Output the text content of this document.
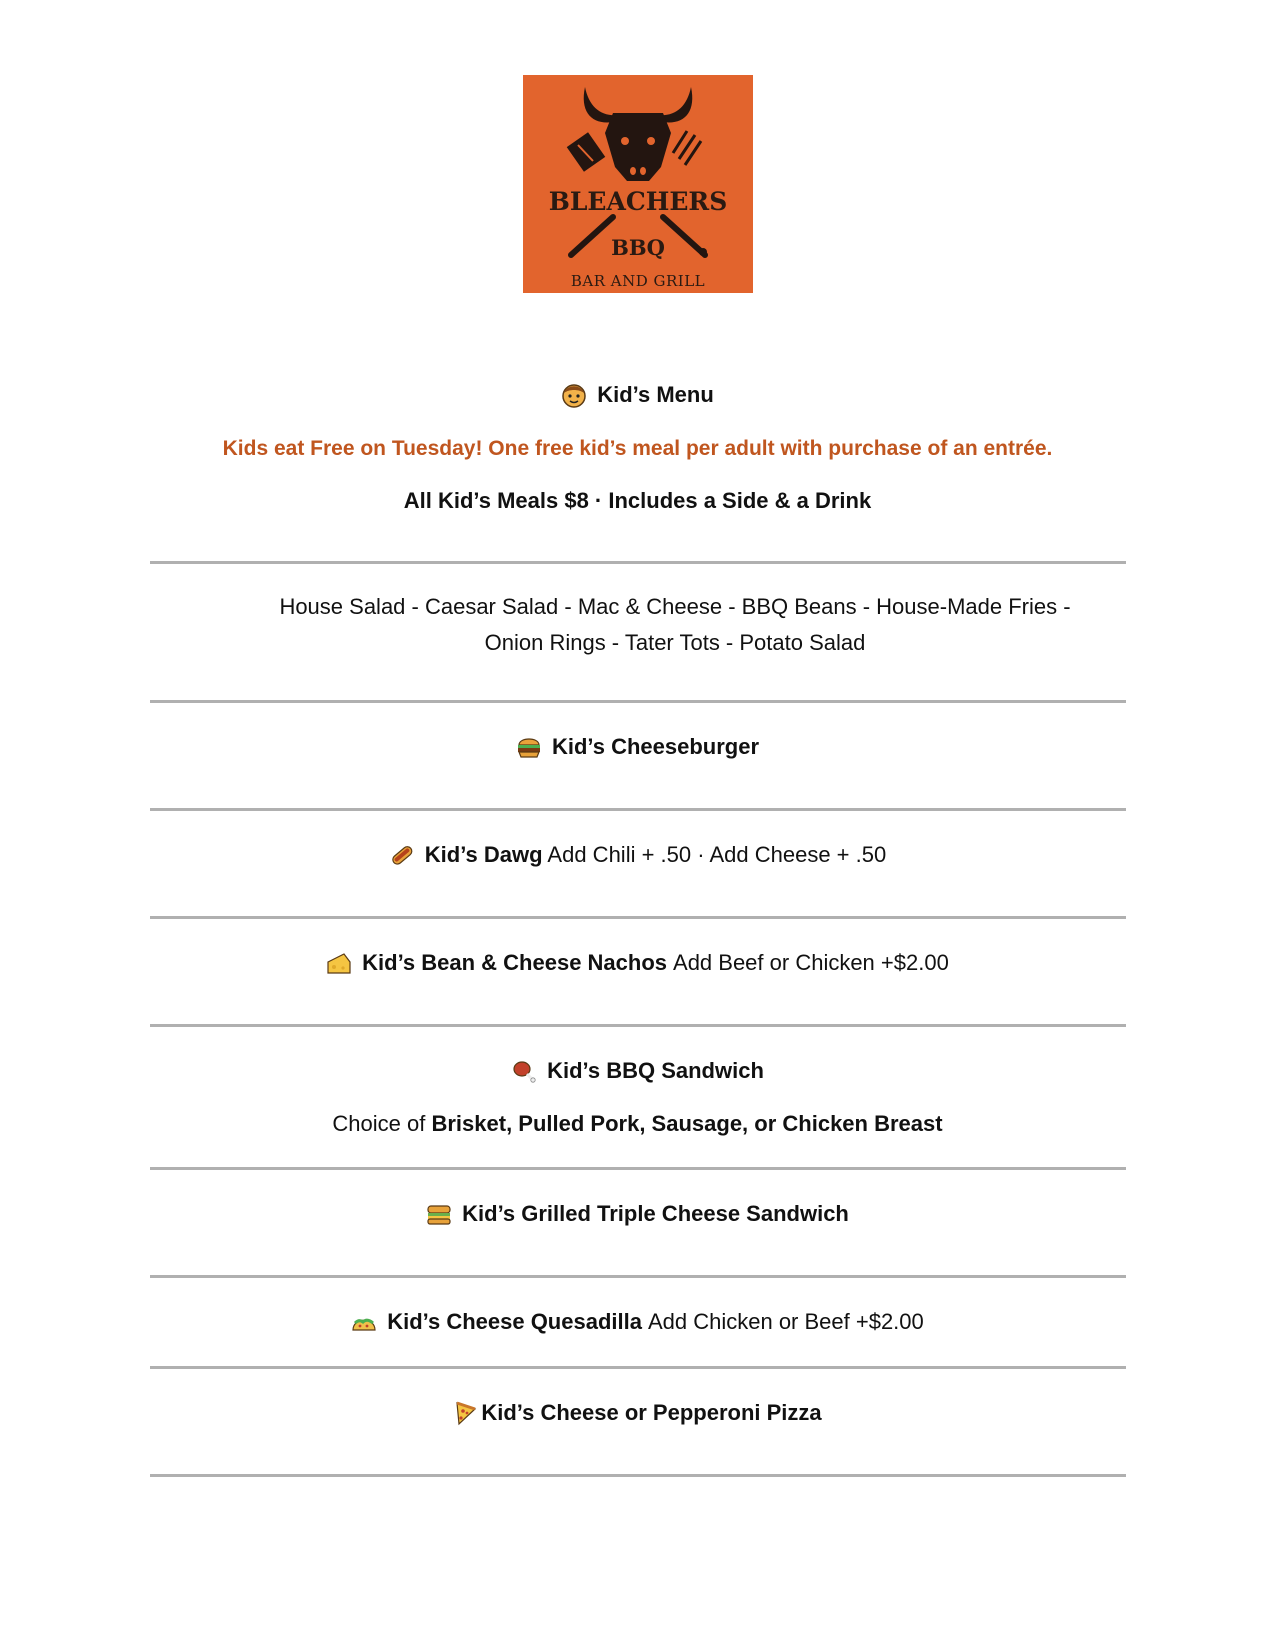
BLEACHERS
BBQ
BAR AND GRILL
Kid’s Menu
Kids eat Free on Tuesday! One free kid’s meal per adult with purchase of an entrée.
All Kid’s Meals $8 · Includes a Side & a Drink
House Salad - Caesar Salad - Mac & Cheese - BBQ Beans - House-Made Fries -
Onion Rings - Tater Tots - Potato Salad
Kid’s Cheeseburger
Kid’s Dawg Add Chili + .50 · Add Cheese + .50
Kid’s Bean & Cheese Nachos Add Beef or Chicken +$2.00
Kid’s BBQ Sandwich
Choice of Brisket, Pulled Pork, Sausage, or Chicken Breast
Kid’s Grilled Triple Cheese Sandwich
Kid’s Cheese Quesadilla Add Chicken or Beef +$2.00
Kid’s Cheese or Pepperoni Pizza
